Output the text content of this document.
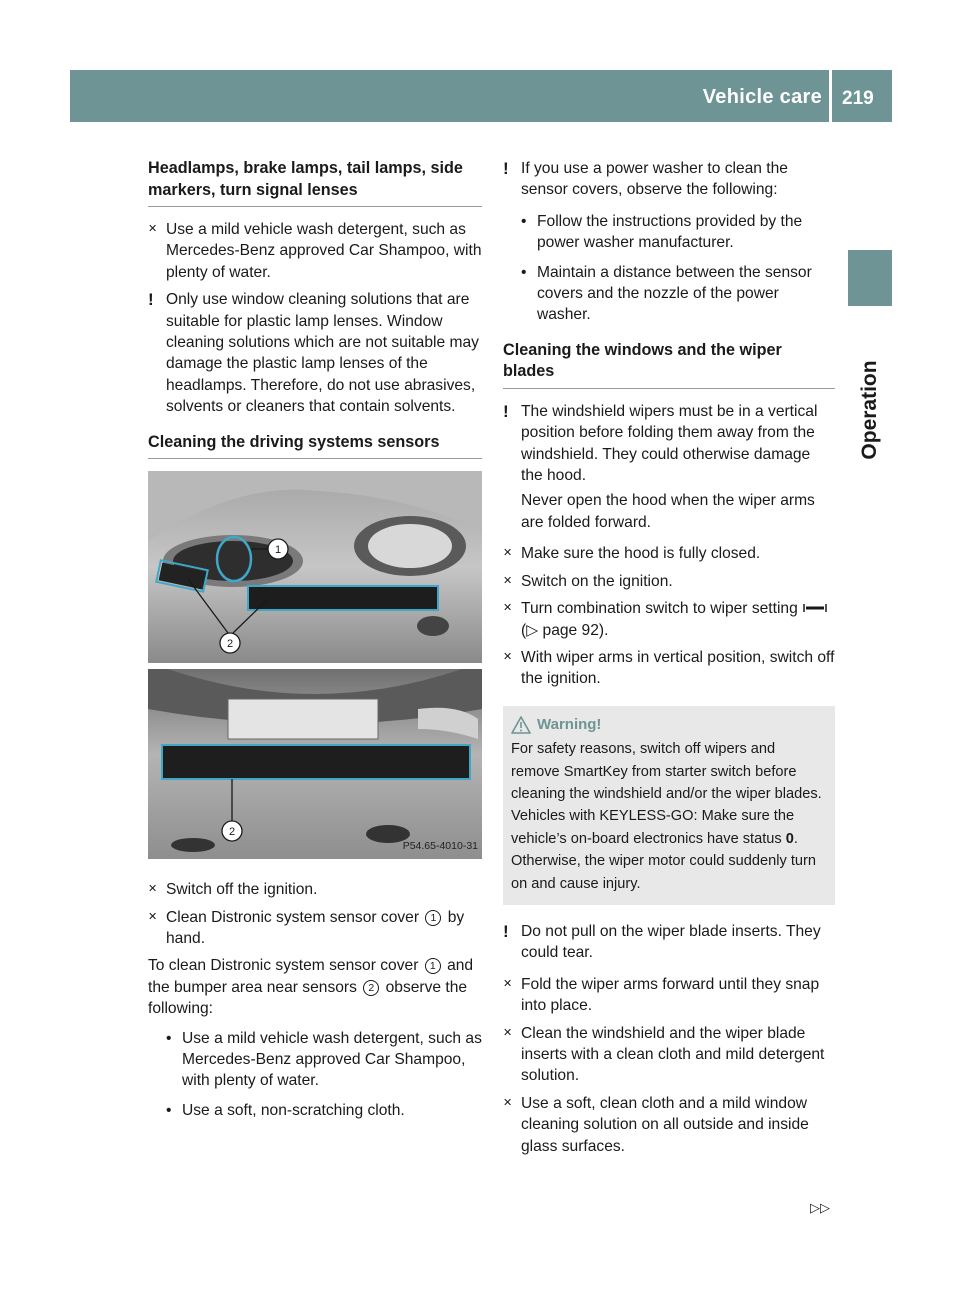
Vehicle care 219
Operation
Headlamps, brake lamps, tail lamps, side markers, turn signal lenses
✕ Use a mild vehicle wash detergent, such as Mercedes-Benz approved Car Shampoo, with plenty of water.
! Only use window cleaning solutions that are suitable for plastic lamp lenses. Window cleaning solutions which are not suitable may damage the plastic lamp lenses of the headlamps. Therefore, do not use abrasives, solvents or cleaners that contain solvents.
Cleaning the driving systems sensors
1
2
2
P54.65-4010-31
✕ Switch off the ignition.
✕ Clean Distronic system sensor cover 1 by hand.

To clean Distronic system sensor cover 1 and the bumper area near sensors 2 observe the following:

• Use a mild vehicle wash detergent, such as Mercedes-Benz approved Car Shampoo, with plenty of water.
• Use a soft, non-scratching cloth.
! If you use a power washer to clean the sensor covers, observe the following:
• Follow the instructions provided by the power washer manufacturer.
• Maintain a distance between the sensor covers and the nozzle of the power washer.
Cleaning the windows and the wiper blades
! The windshield wipers must be in a vertical position before folding them away from the windshield. They could otherwise damage the hood.
Never open the hood when the wiper arms are folded forward.
✕ Make sure the hood is fully closed.
✕ Switch on the ignition.
✕ Turn combination switch to wiper setting  (▷ page 92).
✕ With wiper arms in vertical position, switch off the ignition.
Warning!
For safety reasons, switch off wipers and remove SmartKey from starter switch before cleaning the windshield and/or the wiper blades. Vehicles with KEYLESS-GO: Make sure the vehicle’s on-board electronics have status 0. Otherwise, the wiper motor could suddenly turn on and cause injury.
! Do not pull on the wiper blade inserts. They could tear.
✕ Fold the wiper arms forward until they snap into place.
✕ Clean the windshield and the wiper blade inserts with a clean cloth and mild detergent solution.
✕ Use a soft, clean cloth and a mild window cleaning solution on all outside and inside glass surfaces.
▷▷
